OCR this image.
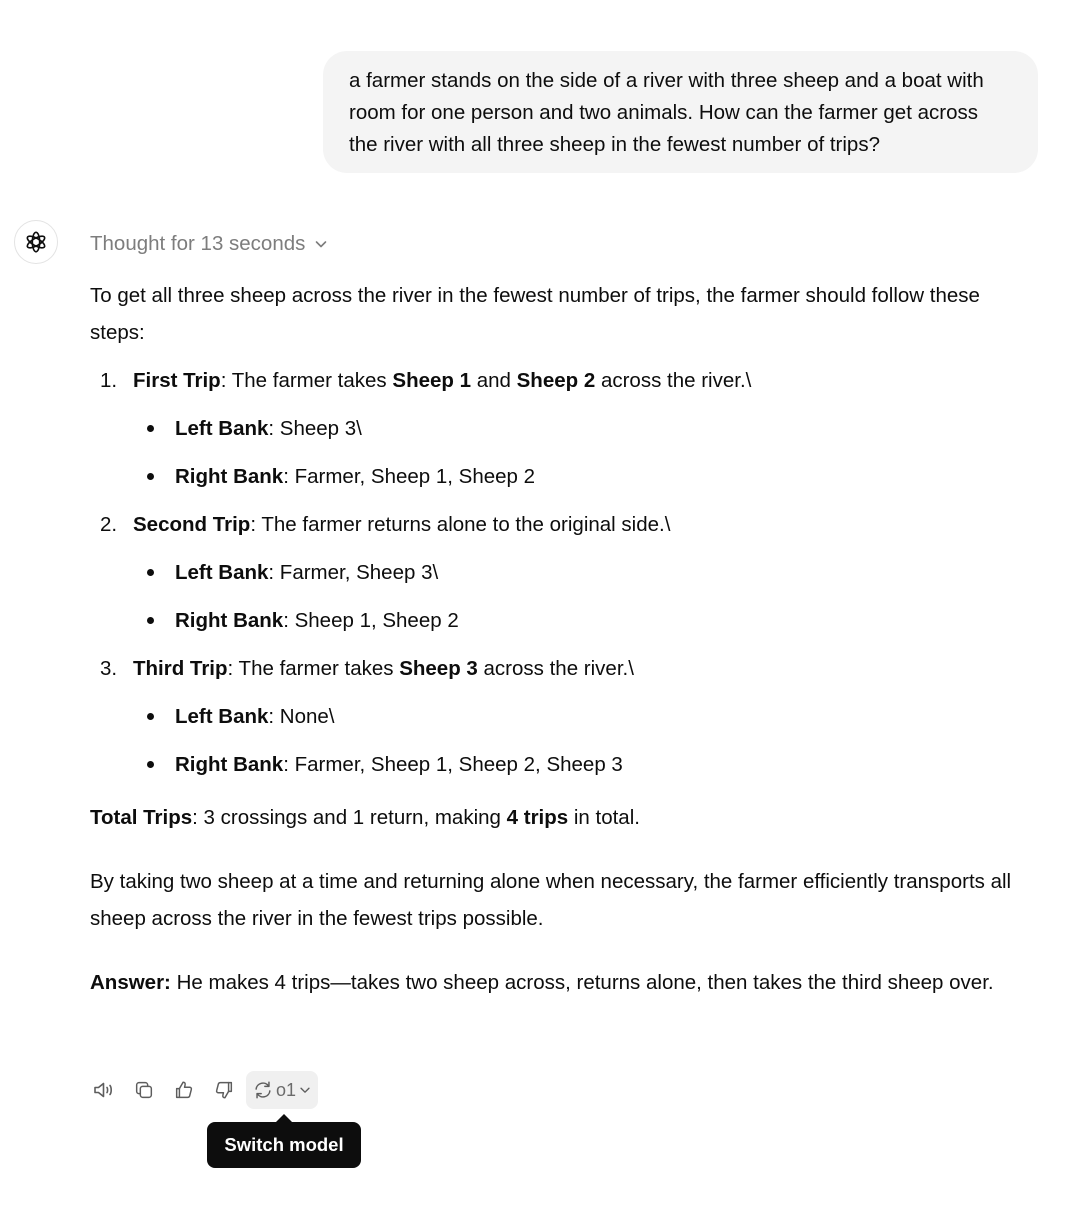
a farmer stands on the side of a river with three sheep and a boat with room for one person and two animals. How can the farmer get across the river with all three sheep in the fewest number of trips?
Thought for 13 seconds

To get all three sheep across the river in the fewest number of trips, the farmer should follow these steps:

1. First Trip: The farmer takes Sheep 1 and Sheep 2 across the river.\
Left Bank: Sheep 3\
Right Bank: Farmer, Sheep 1, Sheep 2
2. Second Trip: The farmer returns alone to the original side.\
Left Bank: Farmer, Sheep 3\
Right Bank: Sheep 1, Sheep 2
3. Third Trip: The farmer takes Sheep 3 across the river.\
Left Bank: None\
Right Bank: Farmer, Sheep 1, Sheep 2, Sheep 3

Total Trips: 3 crossings and 1 return, making 4 trips in total.

By taking two sheep at a time and returning alone when necessary, the farmer efficiently transports all sheep across the river in the fewest trips possible.

Answer: He makes 4 trips—takes two sheep across, returns alone, then takes the third sheep over.

o1
Switch model
